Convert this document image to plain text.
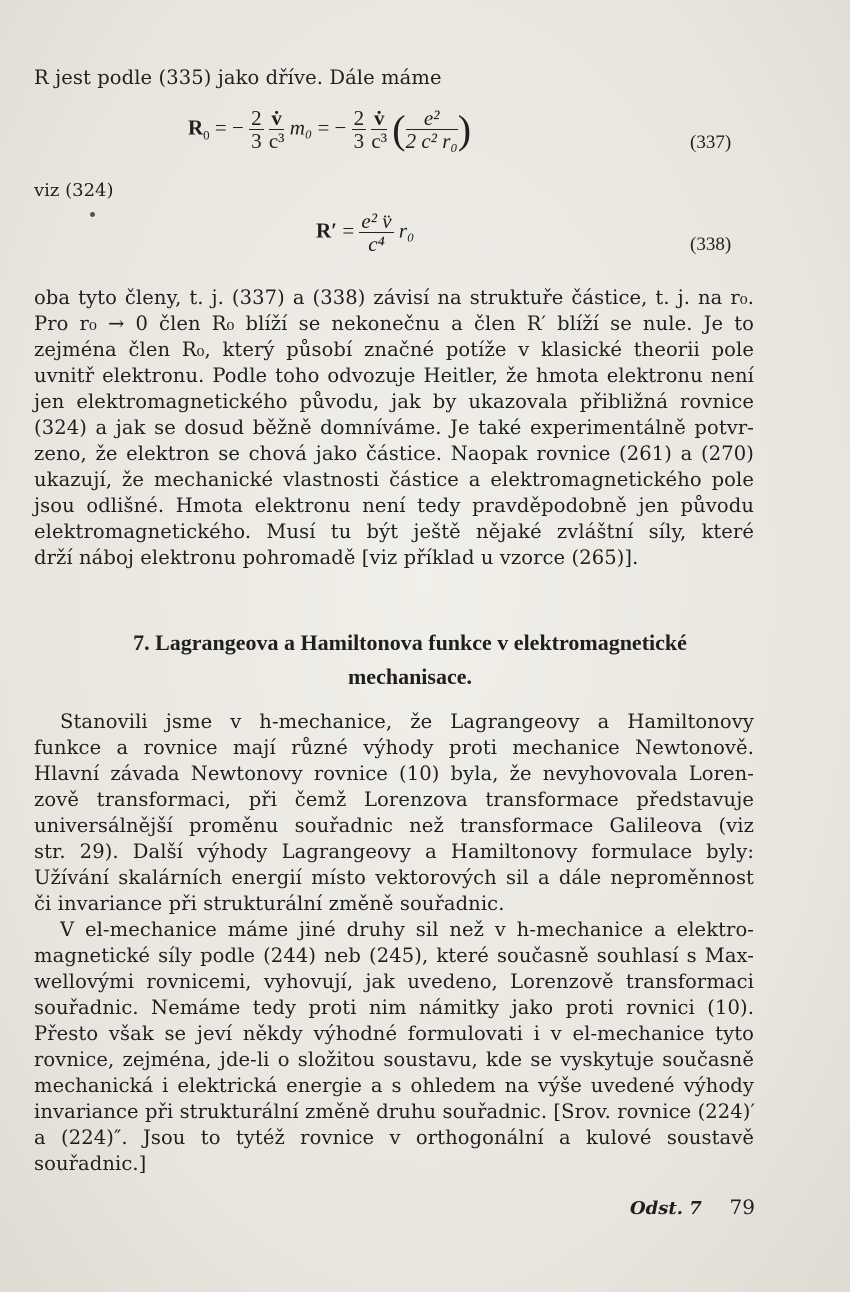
R jest podle (335) jako dříve. Dále máme
$R_0$ = − $\frac{2}{3}$
$\frac{v̇}{\text{c³}} m_0$ = − $\frac{2}{3}$
$\frac{v̇}{\text{c³}}$ ( $\frac{\text{e²}}{\text{2 c² r₀}}$ )	(337)
viz (324)
$R' = \frac{\text{e² v̈}}{\text{c⁴}} r_0$
(338)
oba tyto členy, t. j. (337) a (338) závisí na struktuře částice, t. j. na r₀.
Pro r₀ → 0 člen R₀ blíží se nekonečnu a člen R′ blíží se nule. Je to
zejména člen R₀, který působí značné potíže v klasické theorii pole
uvnitř elektronu. Podle toho odvozuje Heitler, že hmota elektronu není
jen elektromagnetického původu, jak by ukazovala přibližná rovnice
(324) a jak se dosud běžně domníváme. Je také experimentálně potvr-
zeno, že elektron se chová jako částice. Naopak rovnice (261) a (270)
ukazují, že mechanické vlastnosti částice a elektromagnetického pole
jsou odlišné. Hmota elektronu není tedy pravděpodobně jen původu
elektromagnetického. Musí tu být ještě nějaké zvláštní síly, které
drží náboj elektronu pohromadě [viz příklad u vzorce (265)].
7. Lagrangeova a Hamiltonova funkce v elektromagnetické
mechanisace.
Stanovili jsme v h-mechanice, že Lagrangeovy a Hamiltonovy
funkce a rovnice mají různé výhody proti mechanice Newtonově.
Hlavní závada Newtonovy rovnice (10) byla, že nevyhovovala Loren-
zově transformaci, při čemž Lorenzova transformace představuje
universálnější proměnu souřadnic než transformace Galileova (viz
str. 29). Další výhody Lagrangeovy a Hamiltonovy formulace byly:
Užívání skalárních energií místo vektorových sil a dále neproměnnost
či invariance při strukturální změně souřadnic.
V el-mechanice máme jiné druhy sil než v h-mechanice a elektro-
magnetické síly podle (244) neb (245), které současně souhlasí s Max-
wellovými rovnicemi, vyhovují, jak uvedeno, Lorenzově transformaci
souřadnic. Nemáme tedy proti nim námitky jako proti rovnici (10).
Přesto však se jeví někdy výhodné formulovati i v el-mechanice tyto
rovnice, zejména, jde-li o složitou soustavu, kde se vyskytuje současně
mechanická i elektrická energie a s ohledem na výše uvedené výhody
invariance při strukturální změně druhu souřadnic. [Srov. rovnice (224)′
a (224)″. Jsou to tytéž rovnice v orthogonální a kulové soustavě
souřadnic.]
Odst. 7 79
